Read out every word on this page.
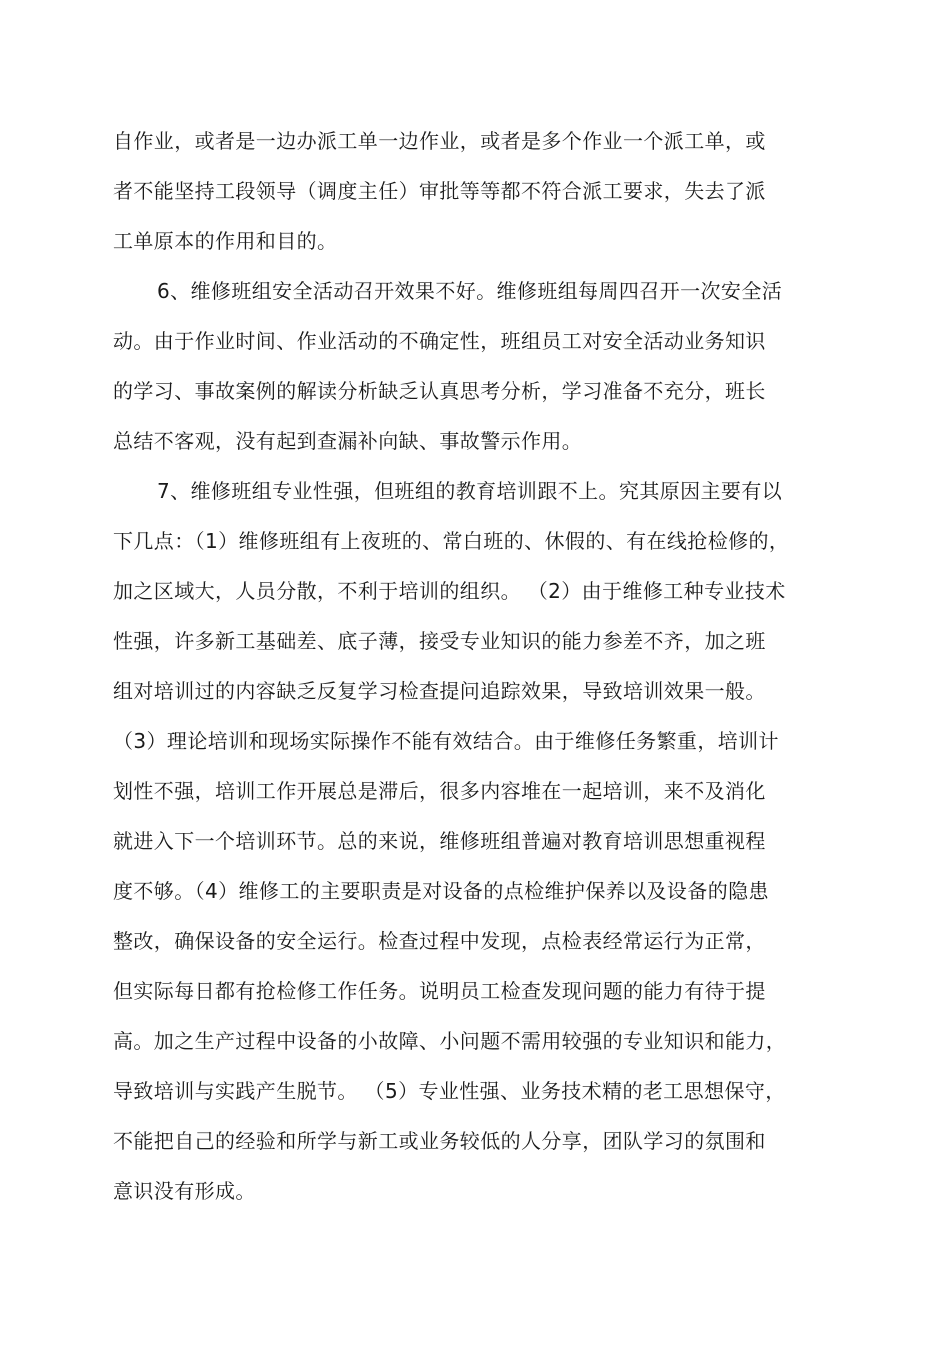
自作业，或者是一边办派工单一边作业，或者是多个作业一个派工单，或

者不能坚持工段领导（调度主任）审批等等都不符合派工要求，失去了派

工单原本的作用和目的。

6、维修班组安全活动召开效果不好。维修班组每周四召开一次安全活

动。由于作业时间、作业活动的不确定性，班组员工对安全活动业务知识

的学习、事故案例的解读分析缺乏认真思考分析，学习准备不充分，班长

总结不客观，没有起到查漏补向缺、事故警示作用。

7、维修班组专业性强，但班组的教育培训跟不上。究其原因主要有以

下几点：（1）维修班组有上夜班的、常白班的、休假的、有在线抢检修的，

加之区域大，人员分散，不利于培训的组织。 （2）由于维修工种专业技术

性强，许多新工基础差、底子薄，接受专业知识的能力参差不齐，加之班

组对培训过的内容缺乏反复学习检查提问追踪效果，导致培训效果一般。

（3）理论培训和现场实际操作不能有效结合。由于维修任务繁重，培训计

划性不强，培训工作开展总是滞后，很多内容堆在一起培训，来不及消化

就进入下一个培训环节。总的来说，维修班组普遍对教育培训思想重视程

度不够。（4）维修工的主要职责是对设备的点检维护保养以及设备的隐患

整改，确保设备的安全运行。检查过程中发现，点检表经常运行为正常，

但实际每日都有抢检修工作任务。说明员工检查发现问题的能力有待于提

高。加之生产过程中设备的小故障、小问题不需用较强的专业知识和能力，

导致培训与实践产生脱节。 （5）专业性强、业务技术精的老工思想保守，

不能把自己的经验和所学与新工或业务较低的人分享，团队学习的氛围和

意识没有形成。
